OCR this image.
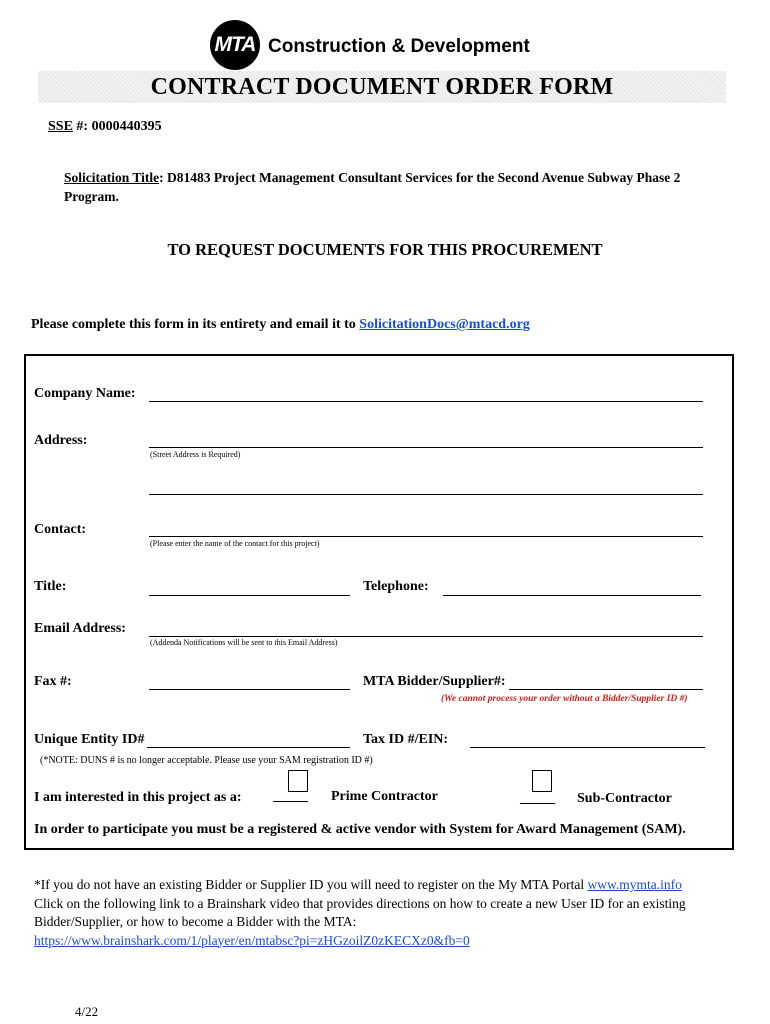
MTA Construction & Development
CONTRACT DOCUMENT ORDER FORM
SSE #: 0000440395
Solicitation Title: D81483 Project Management Consultant Services for the Second Avenue Subway Phase 2 Program.
TO REQUEST DOCUMENTS FOR THIS PROCUREMENT
Please complete this form in its entirety and email it to SolicitationDocs@mtacd.org
Company Name:
Address:
(Street Address is Required)
Contact:
(Please enter the name of the contact for this project)
Title:	Telephone:
Email Address:
(Addenda Notifications will be sent to this Email Address)
Fax #:	MTA Bidder/Supplier#:
(We cannot process your order without a Bidder/Supplier ID #)
Unique Entity ID#	Tax ID #/EIN:
(*NOTE: DUNS # is no longer acceptable. Please use your SAM registration ID #)
I am interested in this project as a: _____ Prime Contractor	_____ Sub-Contractor
In order to participate you must be a registered & active vendor with System for Award Management (SAM).
*If you do not have an existing Bidder or Supplier ID you will need to register on the My MTA Portal www.mymta.info
Click on the following link to a Brainshark video that provides directions on how to create a new User ID for an existing Bidder/Supplier, or how to become a Bidder with the MTA:
https://www.brainshark.com/1/player/en/mtabsc?pi=zHGzoilZ0zKECXz0&fb=0
4/22
